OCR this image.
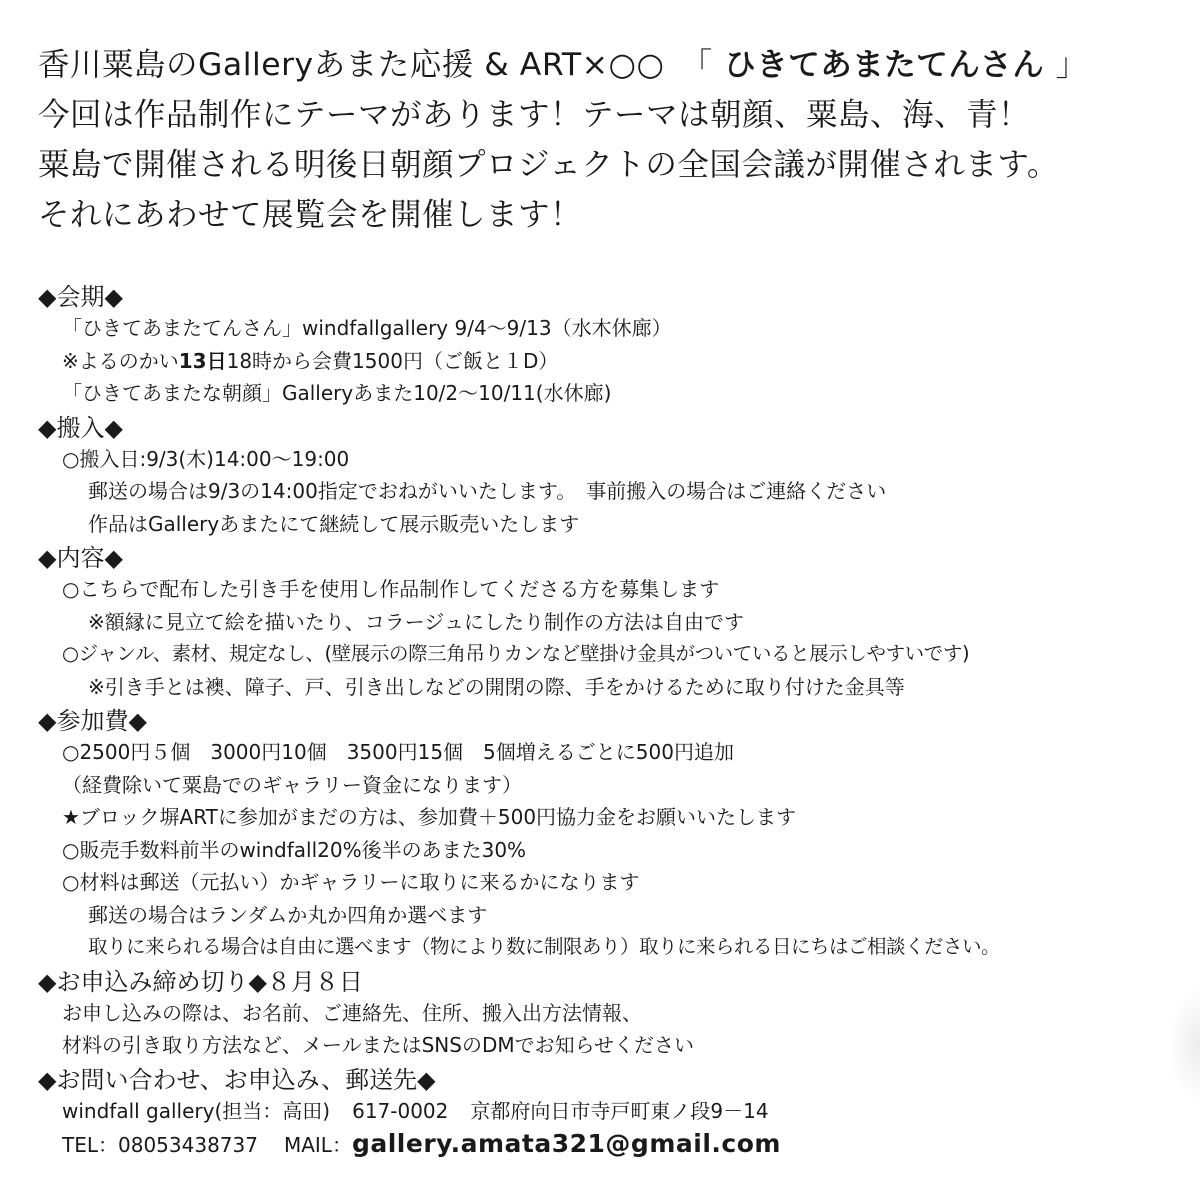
香川粟島のGalleryあまた応援 & ART×○○　「 ひきてあまたてんさん 」
今回は作品制作にテーマがあります！テーマは朝顔、粟島、海、青！
粟島で開催される明後日朝顔プロジェクトの全国会議が開催されます。
それにあわせて展覧会を開催します！
◆会期◆
「ひきてあまたてんさん」windfallgallery 9/4〜9/13（水木休廊）
※よるのかい13日18時から会費1500円（ご飯と１D）
「ひきてあまたな朝顔」Galleryあまた10/2〜10/11(水休廊)
◆搬入◆
○搬入日:9/3(木)14:00〜19:00
郵送の場合は9/3の14:00指定でおねがいいたします。　事前搬入の場合はご連絡ください
作品はGalleryあまたにて継続して展示販売いたします
◆内容◆
○こちらで配布した引き手を使用し作品制作してくださる方を募集します
※額縁に見立て絵を描いたり、コラージュにしたり制作の方法は自由です
○ジャンル、素材、規定なし、(壁展示の際三角吊りカンなど壁掛け金具がついていると展示しやすいです)
※引き手とは襖、障子、戸、引き出しなどの開閉の際、手をかけるために取り付けた金具等
◆参加費◆
○2500円５個　3000円10個　3500円15個　5個増えるごとに500円追加
（経費除いて粟島でのギャラリー資金になります）
★ブロック塀ARTに参加がまだの方は、参加費＋500円協力金をお願いいたします
○販売手数料前半のwindfall20%後半のあまた30%
○材料は郵送（元払い）かギャラリーに取りに来るかになります
郵送の場合はランダムか丸か四角か選べます
取りに来られる場合は自由に選べます（物により数に制限あり）取りに来られる日にちはご相談ください。
◆お申込み締め切り◆８月８日
お申し込みの際は、お名前、ご連絡先、住所、搬入出方法情報、
材料の引き取り方法など、メールまたはSNSのDMでお知らせください
◆お問い合わせ、お申込み、郵送先◆
windfall gallery(担当：高田) 617-0002 京都府向日市寺戸町東ノ段9－14
TEL：08053438737 MAIL：gallery.amata321@gmail.com
